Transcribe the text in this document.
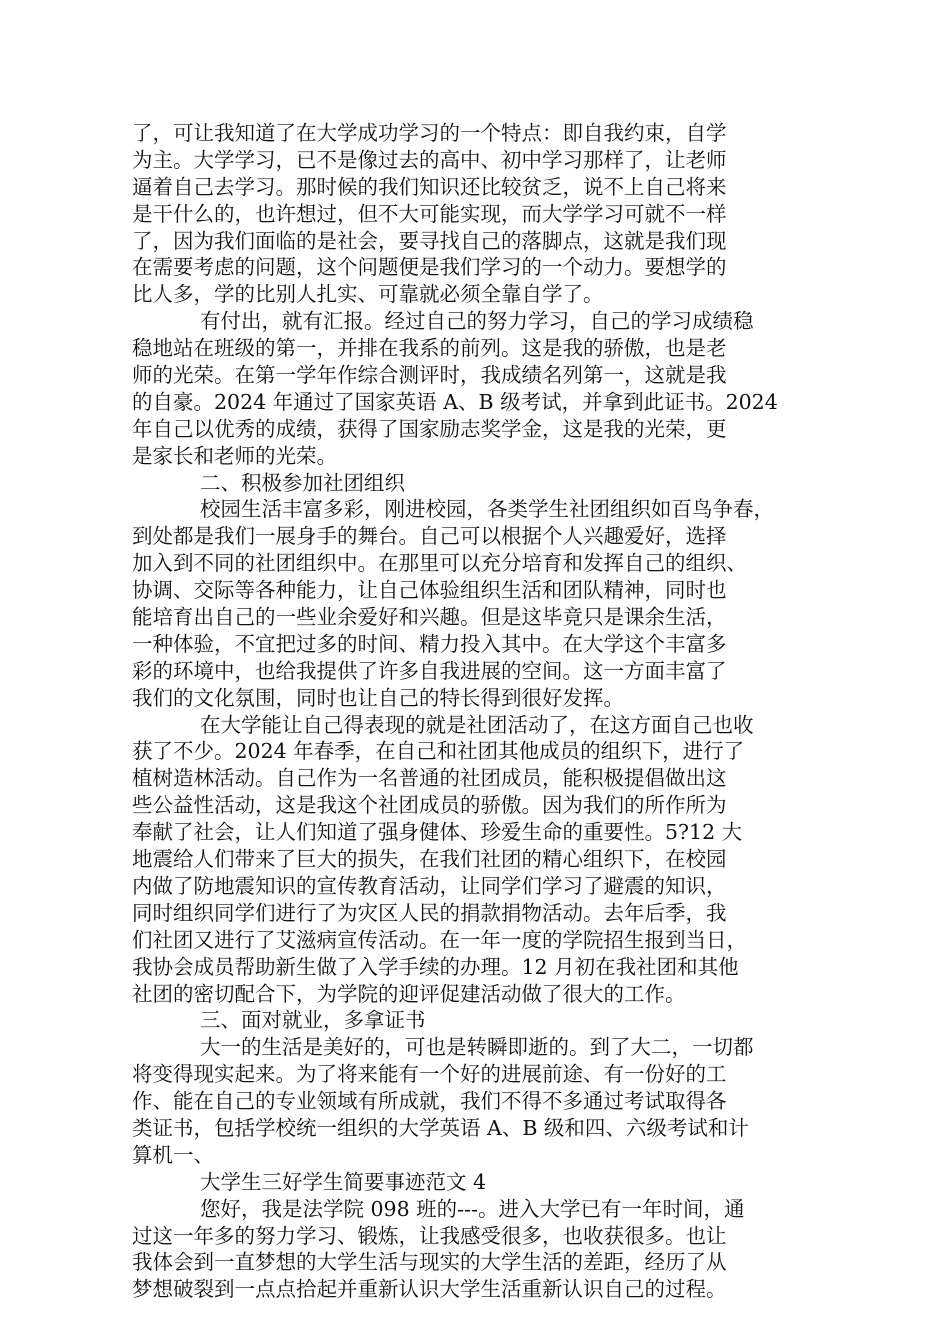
了，可让我知道了在大学成功学习的一个特点：即自我约束，自学
为主。大学学习，已不是像过去的高中、初中学习那样了，让老师
逼着自己去学习。那时候的我们知识还比较贫乏，说不上自己将来
是干什么的，也许想过，但不大可能实现，而大学学习可就不一样
了，因为我们面临的是社会，要寻找自己的落脚点，这就是我们现
在需要考虑的问题，这个问题便是我们学习的一个动力。要想学的
比人多，学的比别人扎实、可靠就必须全靠自学了。
有付出，就有汇报。经过自己的努力学习，自己的学习成绩稳
稳地站在班级的第一，并排在我系的前列。这是我的骄傲，也是老
师的光荣。在第一学年作综合测评时，我成绩名列第一，这就是我
的自豪。2024 年通过了国家英语 A、B 级考试，并拿到此证书。2024
年自己以优秀的成绩，获得了国家励志奖学金，这是我的光荣，更
是家长和老师的光荣。
二、积极参加社团组织
校园生活丰富多彩，刚进校园，各类学生社团组织如百鸟争春，
到处都是我们一展身手的舞台。自己可以根据个人兴趣爱好，选择
加入到不同的社团组织中。在那里可以充分培育和发挥自己的组织、
协调、交际等各种能力，让自己体验组织生活和团队精神，同时也
能培育出自己的一些业余爱好和兴趣。但是这毕竟只是课余生活，
一种体验，不宜把过多的时间、精力投入其中。在大学这个丰富多
彩的环境中，也给我提供了许多自我进展的空间。这一方面丰富了
我们的文化氛围，同时也让自己的特长得到很好发挥。
在大学能让自己得表现的就是社团活动了，在这方面自己也收
获了不少。2024 年春季，在自己和社团其他成员的组织下，进行了
植树造林活动。自己作为一名普通的社团成员，能积极提倡做出这
些公益性活动，这是我这个社团成员的骄傲。因为我们的所作所为
奉献了社会，让人们知道了强身健体、珍爱生命的重要性。5?12 大
地震给人们带来了巨大的损失，在我们社团的精心组织下，在校园
内做了防地震知识的宣传教育活动，让同学们学习了避震的知识，
同时组织同学们进行了为灾区人民的捐款捐物活动。去年后季，我
们社团又进行了艾滋病宣传活动。在一年一度的学院招生报到当日，
我协会成员帮助新生做了入学手续的办理。12 月初在我社团和其他
社团的密切配合下，为学院的迎评促建活动做了很大的工作。
三、面对就业，多拿证书
大一的生活是美好的，可也是转瞬即逝的。到了大二，一切都
将变得现实起来。为了将来能有一个好的进展前途、有一份好的工
作、能在自己的专业领域有所成就，我们不得不多通过考试取得各
类证书，包括学校统一组织的大学英语 A、B 级和四、六级考试和计
算机一、
大学生三好学生简要事迹范文 4
您好，我是法学院 098 班的---。进入大学已有一年时间，通
过这一年多的努力学习、锻炼，让我感受很多，也收获很多。也让
我体会到一直梦想的大学生活与现实的大学生活的差距，经历了从
梦想破裂到一点点拾起并重新认识大学生活重新认识自己的过程。
